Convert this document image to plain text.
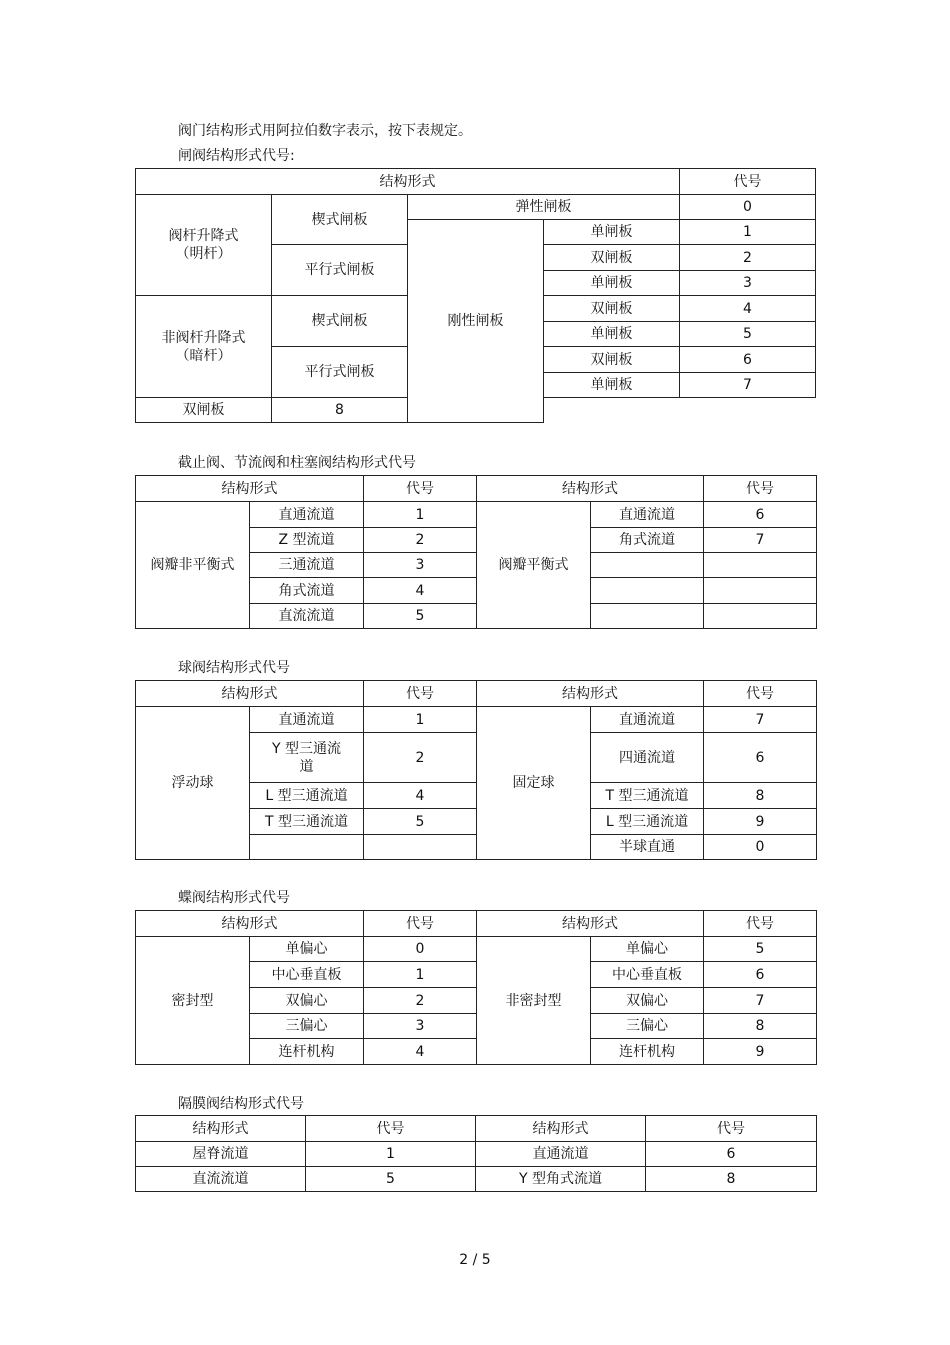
阀门结构形式用阿拉伯数字表示，按下表规定。
闸阀结构形式代号:
结构形式				代号
阀杆升降式
（明杆）	楔式闸板	弹性闸板		0
		刚性闸板	单闸板	1
	平行式闸板		双闸板	2
			单闸板	3
非阀杆升降式
（暗杆）	楔式闸板		双闸板	4
			单闸板	5
	平行式闸板		双闸板	6
			单闸板	7
双闸板	8			
截止阀、节流阀和柱塞阀结构形式代号
结构形式		代号	结构形式		代号
阀瓣非平衡式	直通流道	1	阀瓣平衡式	直通流道	6
	Z 型流道	2		角式流道	7
	三通流道	3			
	角式流道	4			
	直流流道	5			
球阀结构形式代号
结构形式		代号	结构形式		代号
浮动球	直通流道	1	固定球	直通流道	7
	Y 型三通流道	2		四通流道	6
	L 型三通流道	4		T 型三通流道	8
	T 型三通流道	5		L 型三通流道	9
				半球直通	0
蝶阀结构形式代号
结构形式		代号	结构形式		代号
密封型	单偏心	0	非密封型	单偏心	5
	中心垂直板	1		中心垂直板	6
	双偏心	2		双偏心	7
	三偏心	3		三偏心	8
	连杆机构	4		连杆机构	9
隔膜阀结构形式代号
结构形式	代号	结构形式	代号
屋脊流道	1	直通流道	6
直流流道	5	Y 型角式流道	8
2 / 5
